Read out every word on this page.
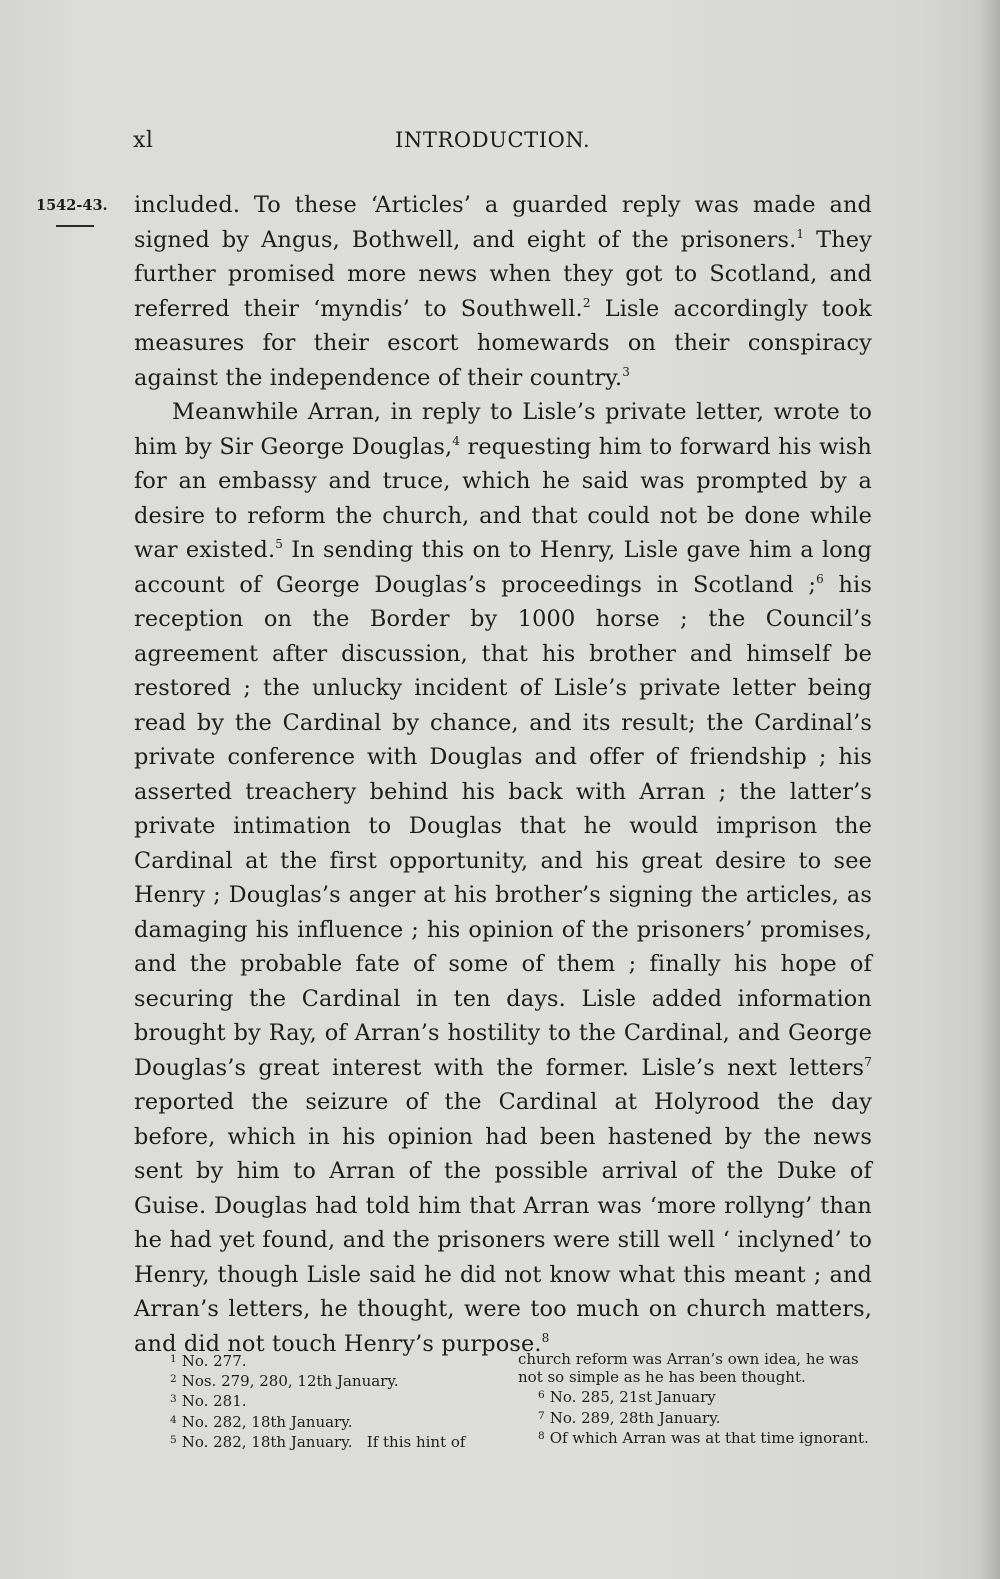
xl	INTRODUCTION.
1542-43. included. To these ‘Articles’ a guarded reply was made and signed by Angus, Bothwell, and eight of the prisoners.$^1$ They further promised more news when they got to Scotland, and referred their ‘myndis’ to Southwell.$^2$ Lisle accordingly took measures for their escort homewards on their conspiracy against the independence of their country.$^3$

Meanwhile Arran, in reply to Lisle’s private letter, wrote to him by Sir George Douglas,$^4$ requesting him to forward his wish for an embassy and truce, which he said was prompted by a desire to reform the church, and that could not be done while war existed.$^5$ In sending this on to Henry, Lisle gave him a long account of George Douglas’s proceedings in Scotland ;$^6$ his reception on the Border by 1000 horse ; the Council’s agreement after discussion, that his brother and himself be restored ; the unlucky incident of Lisle’s private letter being read by the Cardinal by chance, and its result; the Cardinal’s private conference with Douglas and offer of friendship ; his asserted treachery behind his back with Arran ; the latter’s private intimation to Douglas that he would imprison the Cardinal at the first opportunity, and his great desire to see Henry ; Douglas’s anger at his brother’s signing the articles, as damaging his influence ; his opinion of the prisoners’ promises, and the probable fate of some of them ; finally his hope of securing the Cardinal in ten days. Lisle added information brought by Ray, of Arran’s hostility to the Cardinal, and George Douglas’s great interest with the former. Lisle’s next letters$^7$ reported the seizure of the Cardinal at Holyrood the day before, which in his opinion had been hastened by the news sent by him to Arran of the possible arrival of the Duke of Guise. Douglas had told him that Arran was ‘more rollyng’ than he had yet found, and the prisoners were still well ‘ inclyned’ to Henry, though Lisle said he did not know what this meant ; and Arran’s letters, he thought, were too much on church matters, and did not touch Henry’s purpose.$^8$

$^1$ No. 277.

$^2$ Nos. 279, 280, 12th January.

$^3$ No. 281.

$^4$ No. 282, 18th January.

$^5$ No. 282, 18th January.   If this hint of

church reform was Arran’s own idea, he was

not so simple as he has been thought.

$^6$ No. 285, 21st January

$^7$ No. 289, 28th January.

$^8$ Of which Arran was at that time ignorant.
